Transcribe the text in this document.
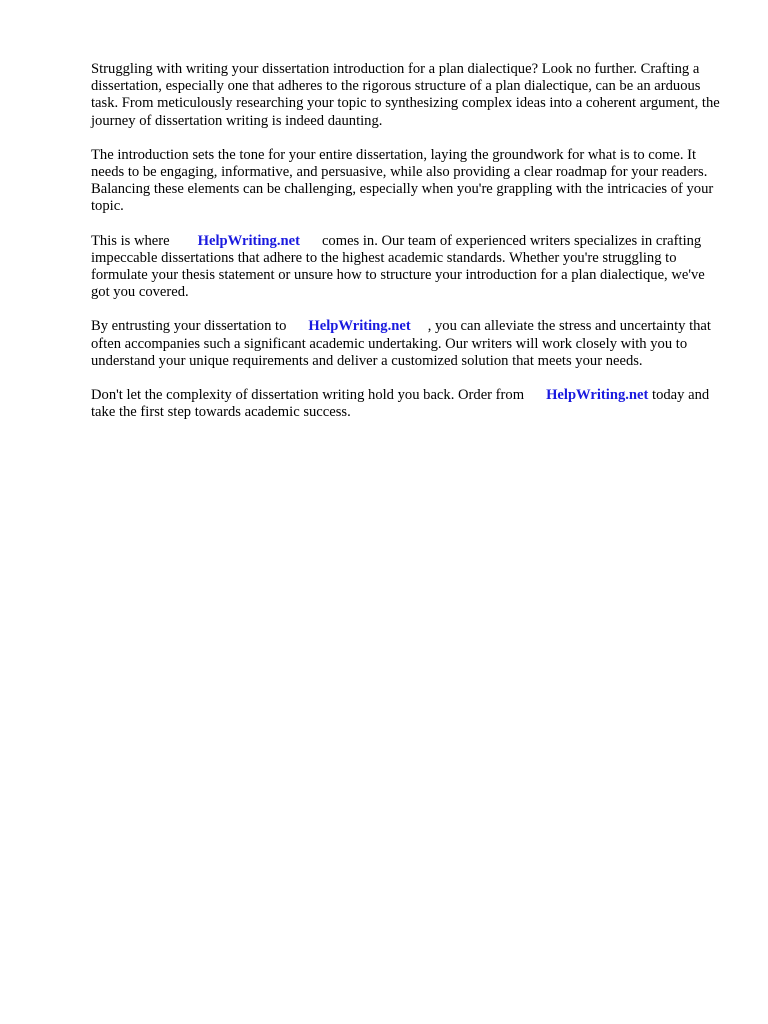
Struggling with writing your dissertation introduction for a plan dialectique? Look no further. Crafting a dissertation, especially one that adheres to the rigorous structure of a plan dialectique, can be an arduous task. From meticulously researching your topic to synthesizing complex ideas into a coherent argument, the journey of dissertation writing is indeed daunting.

The introduction sets the tone for your entire dissertation, laying the groundwork for what is to come. It needs to be engaging, informative, and persuasive, while also providing a clear roadmap for your readers. Balancing these elements can be challenging, especially when you're grappling with the intricacies of your topic.

This is where HelpWriting.net comes in. Our team of experienced writers specializes in crafting impeccable dissertations that adhere to the highest academic standards. Whether you're struggling to formulate your thesis statement or unsure how to structure your introduction for a plan dialectique, we've got you covered.

By entrusting your dissertation to HelpWriting.net , you can alleviate the stress and uncertainty that often accompanies such a significant academic undertaking. Our writers will work closely with you to understand your unique requirements and deliver a customized solution that meets your needs.

Don't let the complexity of dissertation writing hold you back. Order from HelpWriting.net today and take the first step towards academic success.
